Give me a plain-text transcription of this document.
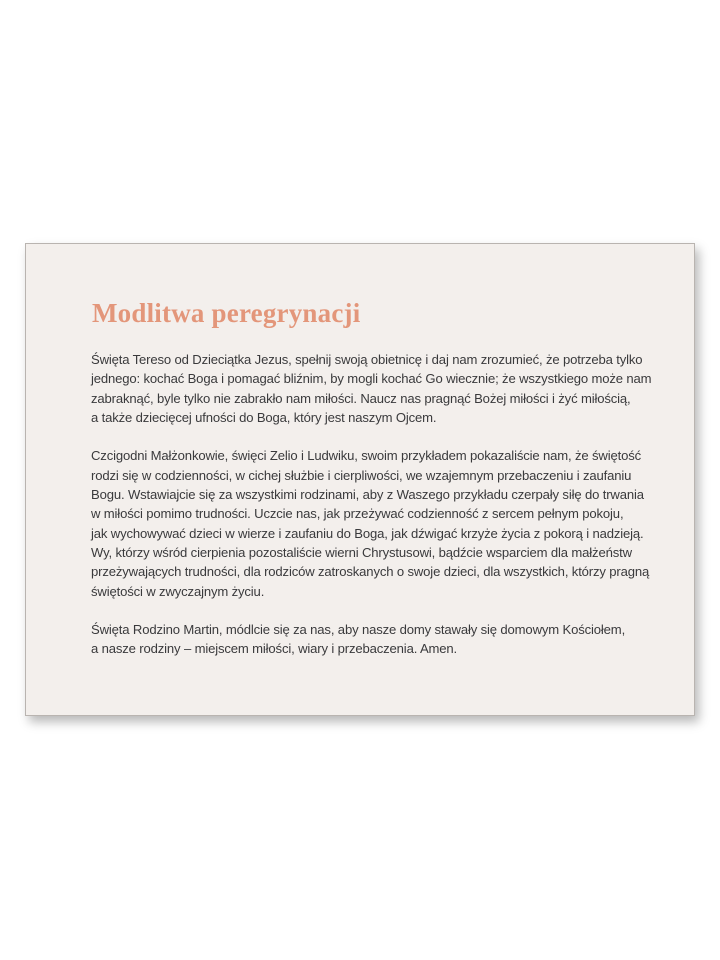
Modlitwa peregrynacji

Święta Tereso od Dzieciątka Jezus, spełnij swoją obietnicę i daj nam zrozumieć, że potrzeba tylko
jednego: kochać Boga i pomagać bliźnim, by mogli kochać Go wiecznie; że wszystkiego może nam
zabraknąć, byle tylko nie zabrakło nam miłości. Naucz nas pragnąć Bożej miłości i żyć miłością,
a także dziecięcej ufności do Boga, który jest naszym Ojcem.

Czcigodni Małżonkowie, święci Zelio i Ludwiku, swoim przykładem pokazaliście nam, że świętość
rodzi się w codzienności, w cichej służbie i cierpliwości, we wzajemnym przebaczeniu i zaufaniu
Bogu. Wstawiajcie się za wszystkimi rodzinami, aby z Waszego przykładu czerpały siłę do trwania
w miłości pomimo trudności. Uczcie nas, jak przeżywać codzienność z sercem pełnym pokoju,
jak wychowywać dzieci w wierze i zaufaniu do Boga, jak dźwigać krzyże życia z pokorą i nadzieją.
Wy, którzy wśród cierpienia pozostaliście wierni Chrystusowi, bądźcie wsparciem dla małżeństw
przeżywających trudności, dla rodziców zatroskanych o swoje dzieci, dla wszystkich, którzy pragną
świętości w zwyczajnym życiu.

Święta Rodzino Martin, módlcie się za nas, aby nasze domy stawały się domowym Kościołem,
a nasze rodziny – miejscem miłości, wiary i przebaczenia. Amen.
